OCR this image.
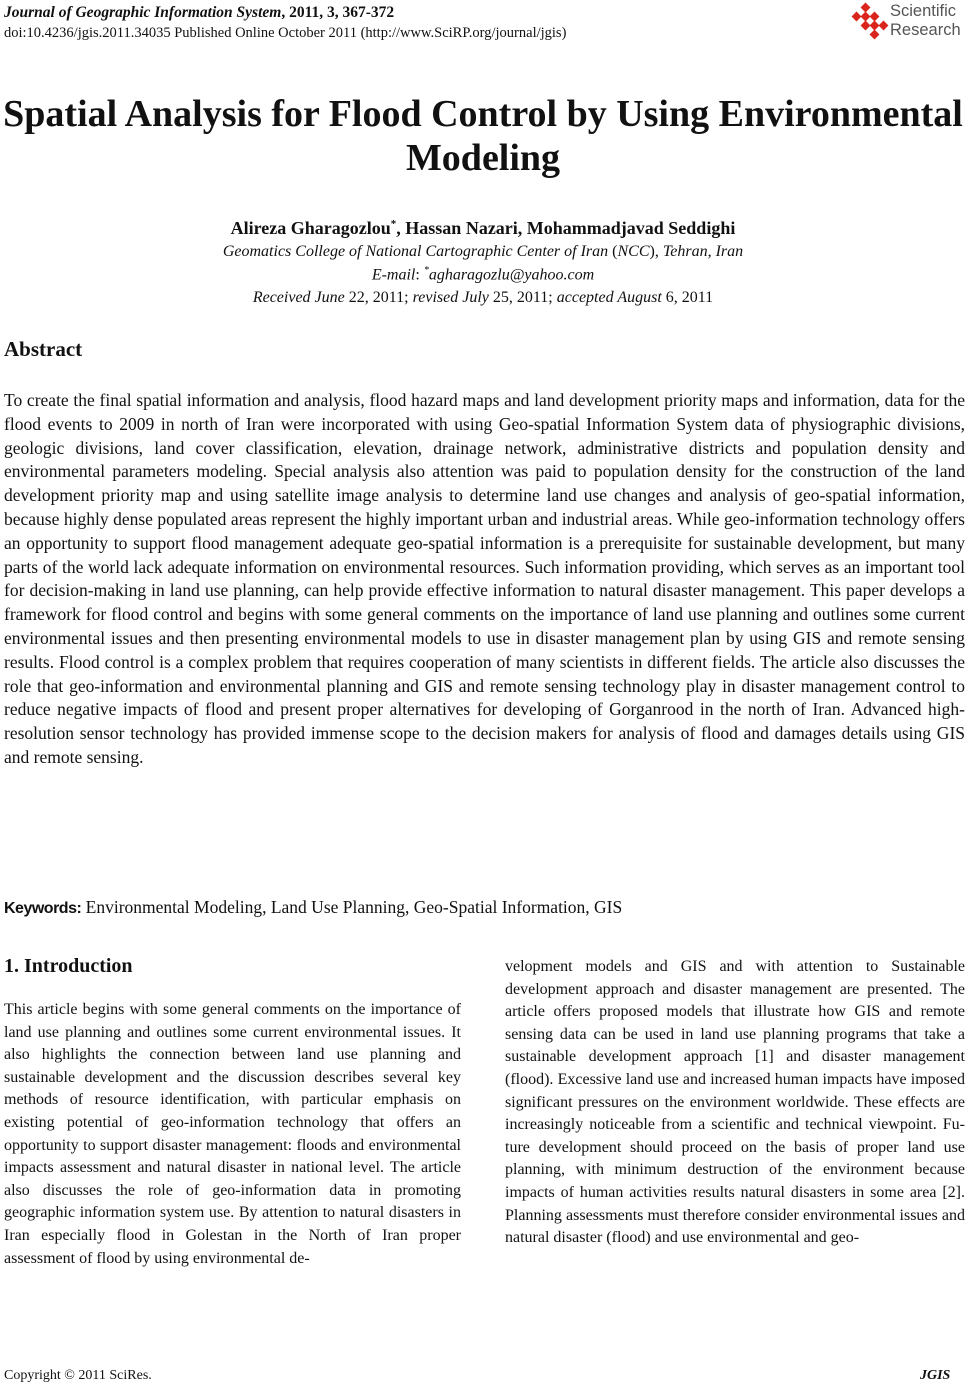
Journal of Geographic Information System, 2011, 3, 367-372
doi:10.4236/jgis.2011.34035 Published Online October 2011 (http://www.SciRP.org/journal/jgis)
Scientific
Research
Spatial Analysis for Flood Control by Using Environmental Modeling
Alireza Gharagozlou*, Hassan Nazari, Mohammadjavad Seddighi
Geomatics College of National Cartographic Center of Iran (NCC), Tehran, Iran
E-mail: *agharagozlu@yahoo.com
Received June 22, 2011; revised July 25, 2011; accepted August 6, 2011
Abstract
To create the final spatial information and analysis, flood hazard maps and land development priority maps and information, data for the flood events to 2009 in north of Iran were incorporated with using Geo-spatial Information System data of physiographic divisions, geologic divisions, land cover classification, elevation, drainage network, administrative districts and population density and environmental parameters modeling. Special analysis also attention was paid to population density for the construction of the land development priority map and using satellite image analysis to determine land use changes and analysis of geo-spatial information, because highly dense populated areas represent the highly important urban and industrial areas. While geo-information technology offers an opportunity to support flood management adequate geo-spatial information is a prerequisite for sustainable development, but many parts of the world lack adequate information on environmental resources. Such information providing, which serves as an important tool for decision-making in land use planning, can help provide effective information to natural disaster management. This paper develops a framework for flood control and begins with some general comments on the importance of land use planning and outlines some current environmental issues and then presenting environmental models to use in disaster management plan by using GIS and remote sensing results. Flood control is a complex problem that requires cooperation of many scientists in different fields. The article also discusses the role that geo-information and environmental planning and GIS and remote sensing technology play in disaster management control to reduce negative impacts of flood and present proper alternatives for developing of Gorganrood in the north of Iran. Advanced high-resolution sensor technology has provided immense scope to the decision makers for analysis of flood and damages details using GIS and remote sensing.
Keywords: Environmental Modeling, Land Use Planning, Geo-Spatial Information, GIS
1. Introduction
This article begins with some general comments on the importance of land use planning and outlines some current environmental issues. It also highlights the connection between land use planning and sustainable development and the discussion describes several key methods of resource identification, with particular emphasis on existing potential of geo-information technology that offers an opportunity to support disaster management: floods and environmental impacts assessment and natural disaster in national level. The article also discusses the role of geo-information data in promoting geographic information system use. By attention to natural disasters in Iran especially flood in Golestan in the North of Iran proper assessment of flood by using environmental de-
velopment models and GIS and with attention to Sustainable development approach and disaster management are presented. The article offers proposed models that illustrate how GIS and remote sensing data can be used in land use planning programs that take a sustainable development approach [1] and disaster management (flood). Excessive land use and increased human impacts have imposed significant pressures on the environment worldwide. These effects are increasingly noticeable from a scientific and technical viewpoint. Future development should proceed on the basis of proper land use planning, with minimum destruction of the environment because impacts of human activities results natural disasters in some area [2]. Planning assessments must therefore consider environmental issues and natural disaster (flood) and use environmental and geo-
Copyright © 2011 SciRes.	JGIS
